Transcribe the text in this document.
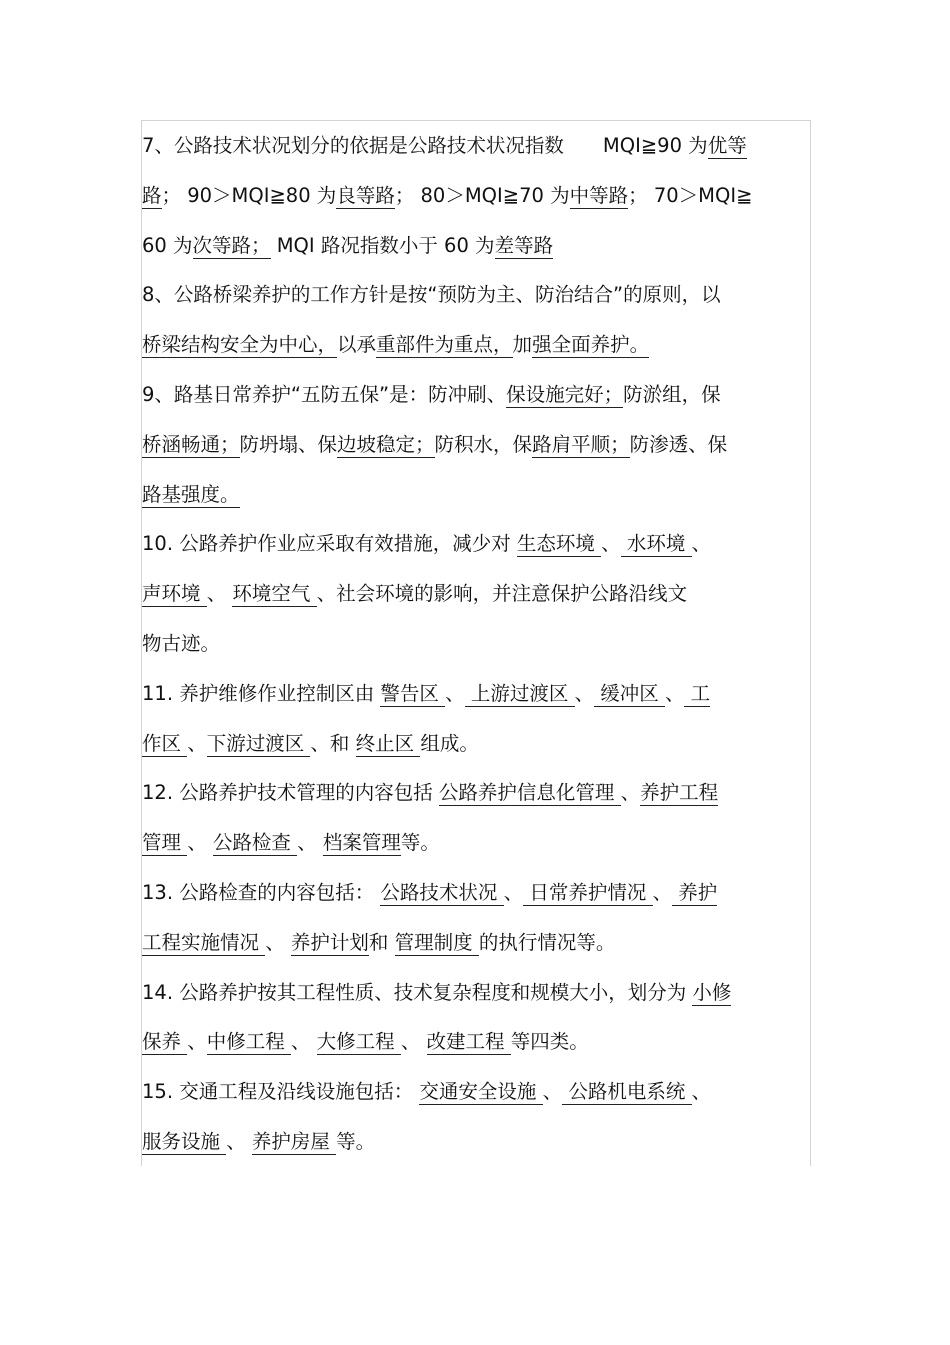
7、公路技术状况划分的依据是公路技术状况指数　　MQI≧90 为优等
路； 90＞MQI≧80 为良等路； 80＞MQI≧70 为中等路； 70＞MQI≧
60 为次等路； MQI 路况指数小于 60 为差等路
8、公路桥梁养护的工作方针是按“预防为主、防治结合”的原则，以
桥梁结构安全为中心，以承重部件为重点，加强全面养护。
9、路基日常养护“五防五保”是：防冲刷、保设施完好；防淤组，保
桥涵畅通；防坍塌、保边坡稳定；防积水，保路肩平顺；防渗透、保
路基强度。
10. 公路养护作业应采取有效措施，减少对 生态环境 、 水环境 、
声环境 、 环境空气 、社会环境的影响，并注意保护公路沿线文
物古迹。
11. 养护维修作业控制区由 警告区 、 上游过渡区 、 缓冲区 、 工
作区 、下游过渡区 、和 终止区 组成。
12. 公路养护技术管理的内容包括 公路养护信息化管理 、养护工程
管理 、 公路检查 、 档案管理等。
13. 公路检查的内容包括： 公路技术状况 、 日常养护情况 、 养护
工程实施情况 、 养护计划和 管理制度 的执行情况等。
14. 公路养护按其工程性质、技术复杂程度和规模大小，划分为 小修
保养 、中修工程 、 大修工程 、 改建工程 等四类。
15. 交通工程及沿线设施包括： 交通安全设施 、 公路机电系统 、
服务设施 、 养护房屋 等。
